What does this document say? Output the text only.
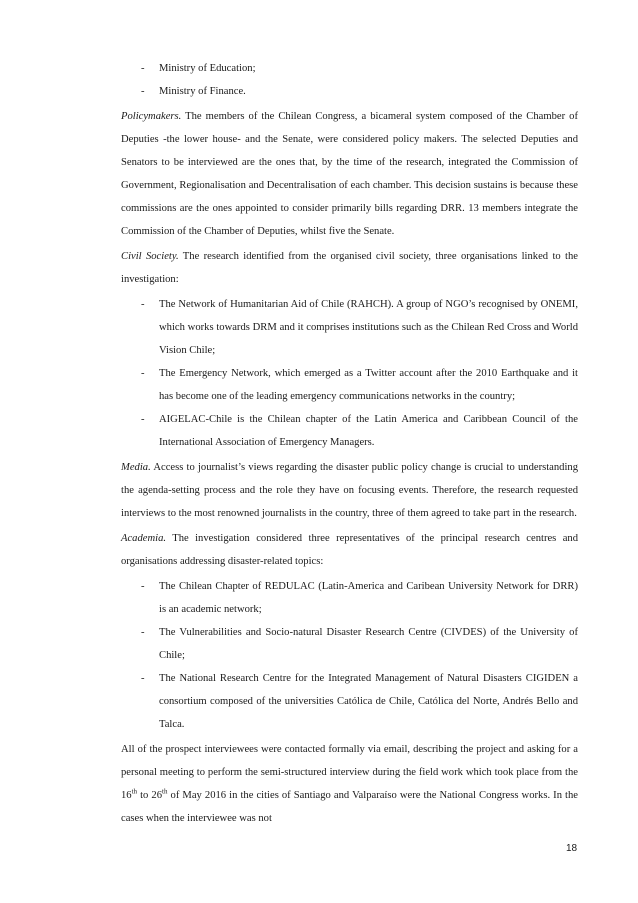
- Ministry of Education;
- Ministry of Finance.

Policymakers. The members of the Chilean Congress, a bicameral system composed of the Chamber of Deputies -the lower house- and the Senate, were considered policy makers. The selected Deputies and Senators to be interviewed are the ones that, by the time of the research, integrated the Commission of Government, Regionalisation and Decentralisation of each chamber. This decision sustains is because these commissions are the ones appointed to consider primarily bills regarding DRR. 13 members integrate the Commission of the Chamber of Deputies, whilst five the Senate.

Civil Society. The research identified from the organised civil society, three organisations linked to the investigation:

- The Network of Humanitarian Aid of Chile (RAHCH). A group of NGO’s recognised by ONEMI, which works towards DRM and it comprises institutions such as the Chilean Red Cross and World Vision Chile;
- The Emergency Network, which emerged as a Twitter account after the 2010 Earthquake and it has become one of the leading emergency communications networks in the country;
- AIGELAC-Chile is the Chilean chapter of the Latin America and Caribbean Council of the International Association of Emergency Managers.

Media. Access to journalist’s views regarding the disaster public policy change is crucial to understanding the agenda-setting process and the role they have on focusing events. Therefore, the research requested interviews to the most renowned journalists in the country, three of them agreed to take part in the research.

Academia. The investigation considered three representatives of the principal research centres and organisations addressing disaster-related topics:

- The Chilean Chapter of REDULAC (Latin-America and Caribean University Network for DRR) is an academic network;
- The Vulnerabilities and Socio-natural Disaster Research Centre (CIVDES) of the University of Chile;
- The National Research Centre for the Integrated Management of Natural Disasters CIGIDEN a consortium composed of the universities Católica de Chile, Católica del Norte, Andrés Bello and Talca.

All of the prospect interviewees were contacted formally via email, describing the project and asking for a personal meeting to perform the semi-structured interview during the field work which took place from the 16th to 26th of May 2016 in the cities of Santiago and Valparaíso were the National Congress works. In the cases when the interviewee was not

18
